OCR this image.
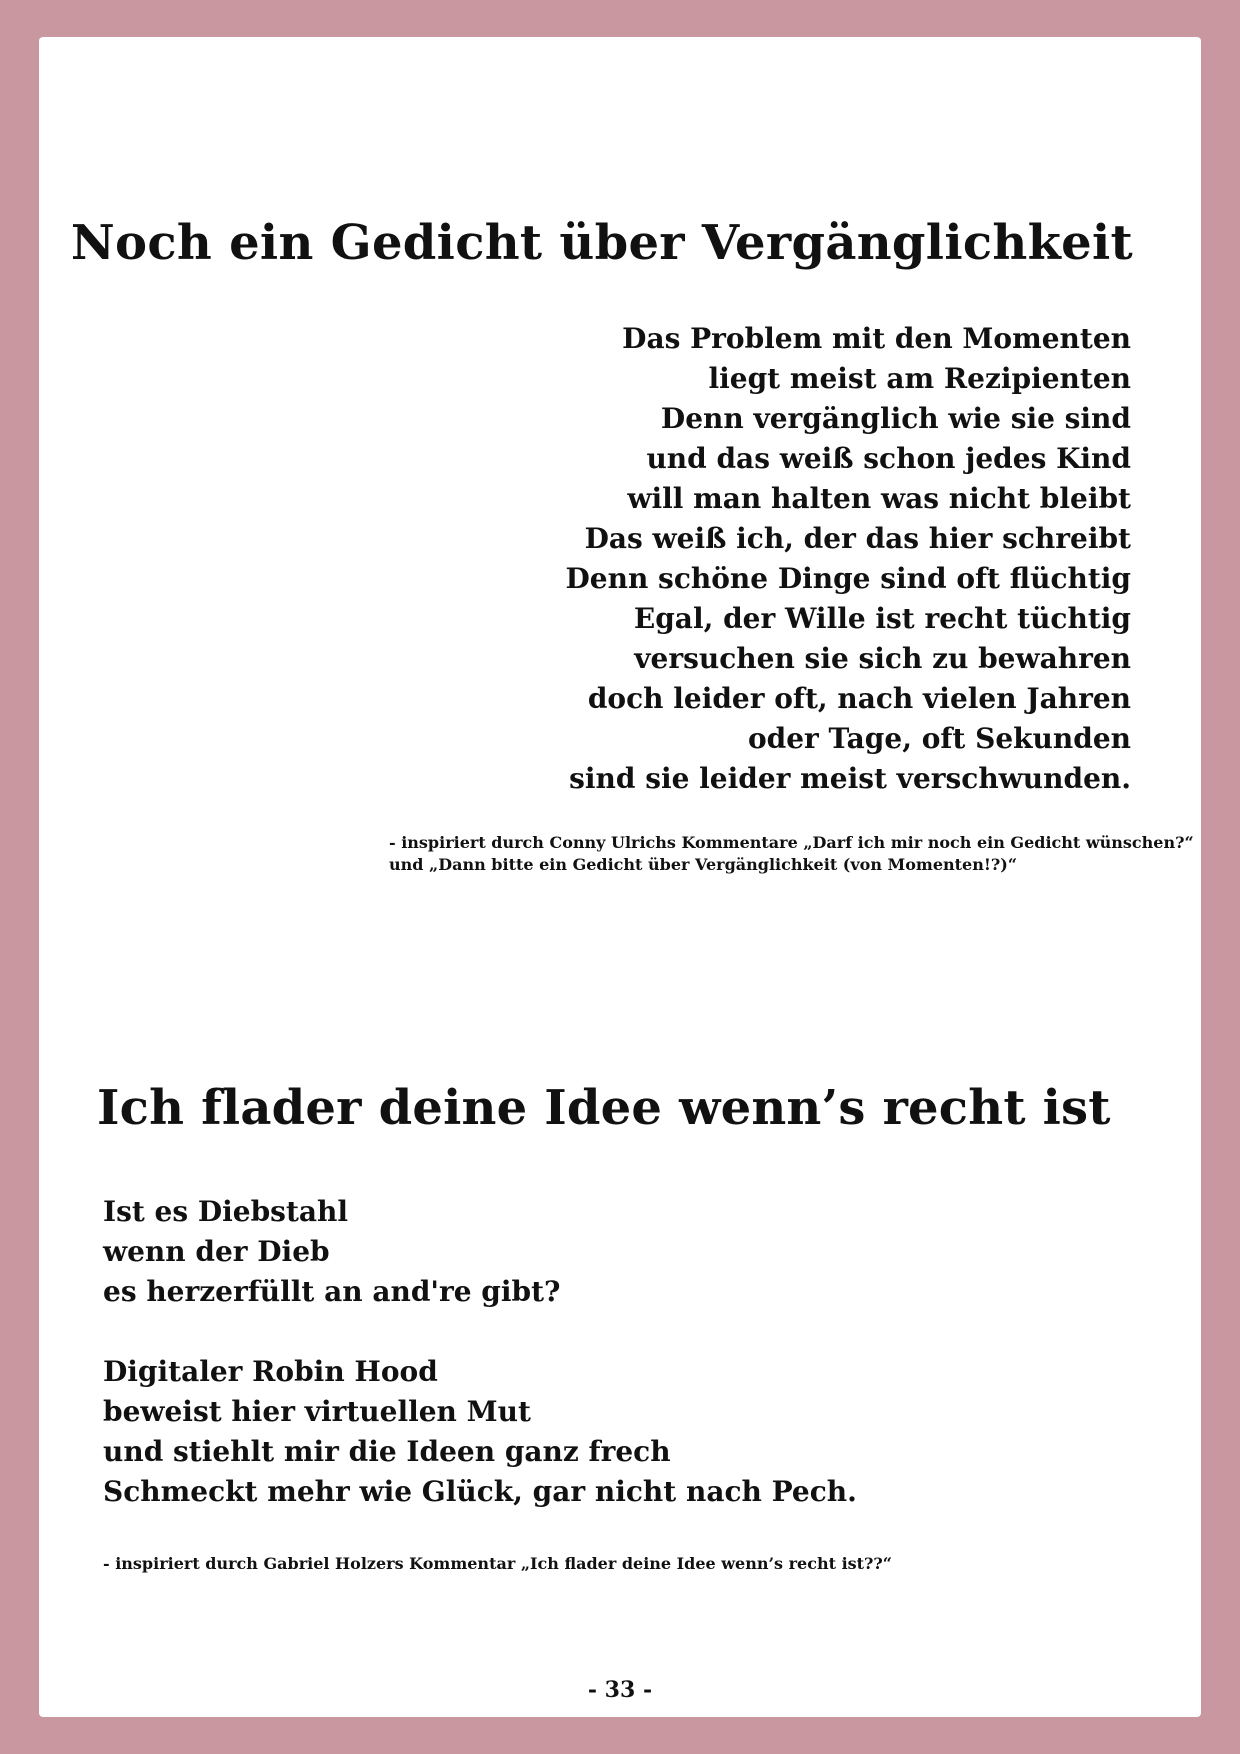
Noch ein Gedicht über Vergänglichkeit
Das Problem mit den Momenten
liegt meist am Rezipienten
Denn vergänglich wie sie sind
und das weiß schon jedes Kind
will man halten was nicht bleibt
Das weiß ich, der das hier schreibt
Denn schöne Dinge sind oft flüchtig
Egal, der Wille ist recht tüchtig
versuchen sie sich zu bewahren
doch leider oft, nach vielen Jahren
oder Tage, oft Sekunden
sind sie leider meist verschwunden.
- inspiriert durch Conny Ulrichs Kommentare „Darf ich mir noch ein Gedicht wünschen?“
und „Dann bitte ein Gedicht über Vergänglichkeit (von Momenten!?)“
Ich flader deine Idee wenn’s recht ist
Ist es Diebstahl
wenn der Dieb
es herzerfüllt an and're gibt?
Digitaler Robin Hood
beweist hier virtuellen Mut
und stiehlt mir die Ideen ganz frech
Schmeckt mehr wie Glück, gar nicht nach Pech.
- inspiriert durch Gabriel Holzers Kommentar „Ich flader deine Idee wenn’s recht ist??“
- 33 -
